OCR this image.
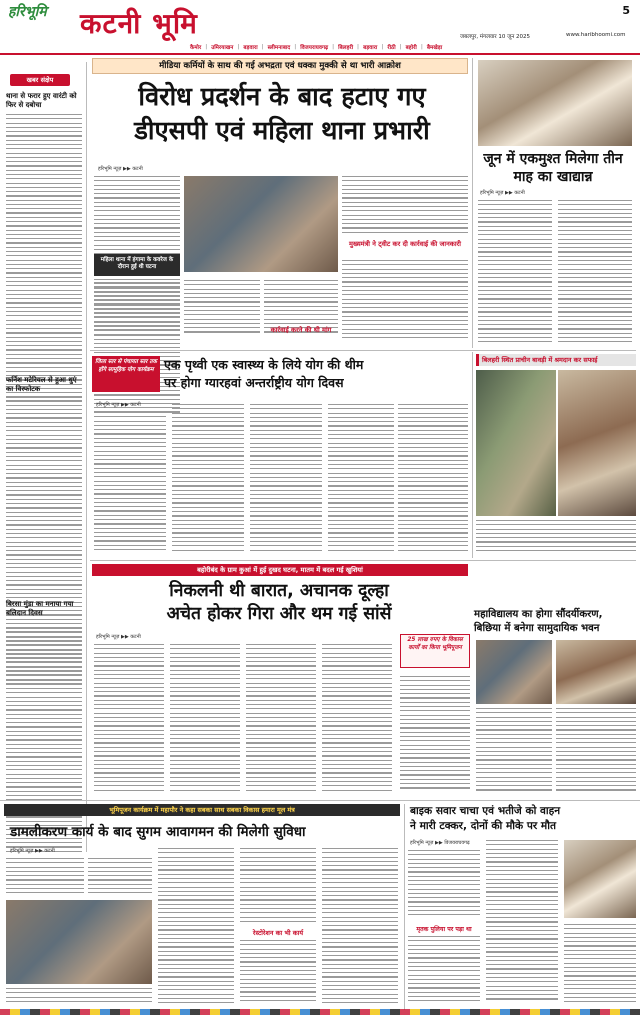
हरिभूमि कटनी भूमि	5
जबलपुर, मंगलवार 10 जून 2025	www.haribhoomi.com
कैमोर | उमिरयाखन | बड़वारा | स्लीमनाबाद | विजयराघवगढ़ | बिलहरी | बड़वारा | रीठी | बहोरी | बैमखेड़ा
खबर संक्षेप
थाना से फरार हुए वारंटी को फिर से दबोचा
फर्निश मटेरियल से हुआ धुएं का विस्फोटक
बिरसा मुंडा का मनाया गया बलिदान दिवस
मीडिया कर्मियों के साथ की गई अभद्रता एवं धक्का मुक्की से था भारी आक्रोश
विरोध प्रदर्शन के बाद हटाए गए
डीएसपी एवं महिला थाना प्रभारी
हरिभूमि न्यूज़ ▶▶ कटनी
महिला थाना में हंगामा के कवरेज के दौरान हुई थी घटना
कार्रवाई करने की थी मांग
मुख्यमंत्री ने ट्वीट कर दी कार्रवाई की जानकारी
जून में एकमुश्त मिलेगा तीन माह का खाद्यान्न
हरिभूमि न्यूज़ ▶▶ कटनी
जिला स्तर से पंचायत स्तर तक होंगे सामूहिक योग कार्यक्रम एक पृथ्वी एक स्वास्थ्य के लिये योग की थीम
पर होगा ग्यारहवां अन्तर्राष्ट्रीय योग दिवस
हरिभूमि न्यूज़ ▶▶ कटनी
बिलहरी स्थित प्राचीन बावड़ी में श्रमदान कर सफाई
बहोरीबंद के ग्राम कुआं में हुई दुखद घटना, मातम में बदल गई खुशियां
निकलनी थी बारात, अचानक दूल्हा
अचेत होकर गिरा और थम गई सांसें
हरिभूमि न्यूज़ ▶▶ कटनी	25 लाख रुपए के विकास कार्यों का किया भूमिपूजन
महाविद्यालय का होगा सौंदर्यीकरण,
बिछिया में बनेगा सामुदायिक भवन
भूमिपूजन कार्यक्रम में महापौर ने कहा सबका साथ सबका विकास हमारा मूल मंत्र
डामलीकरण कार्य के बाद सुगम आवागमन की मिलेगी सुविधा
हरिभूमि न्यूज़ ▶▶ कटनी
रेस्टोरेशन का भी कार्य
बाइक सवार चाचा एवं भतीजे को वाहन
ने मारी टक्कर, दोनों की मौके पर मौत
हरिभूमि न्यूज़ ▶▶ विजयराघवगढ़
मृतक पुलिया पर पड़ा था
